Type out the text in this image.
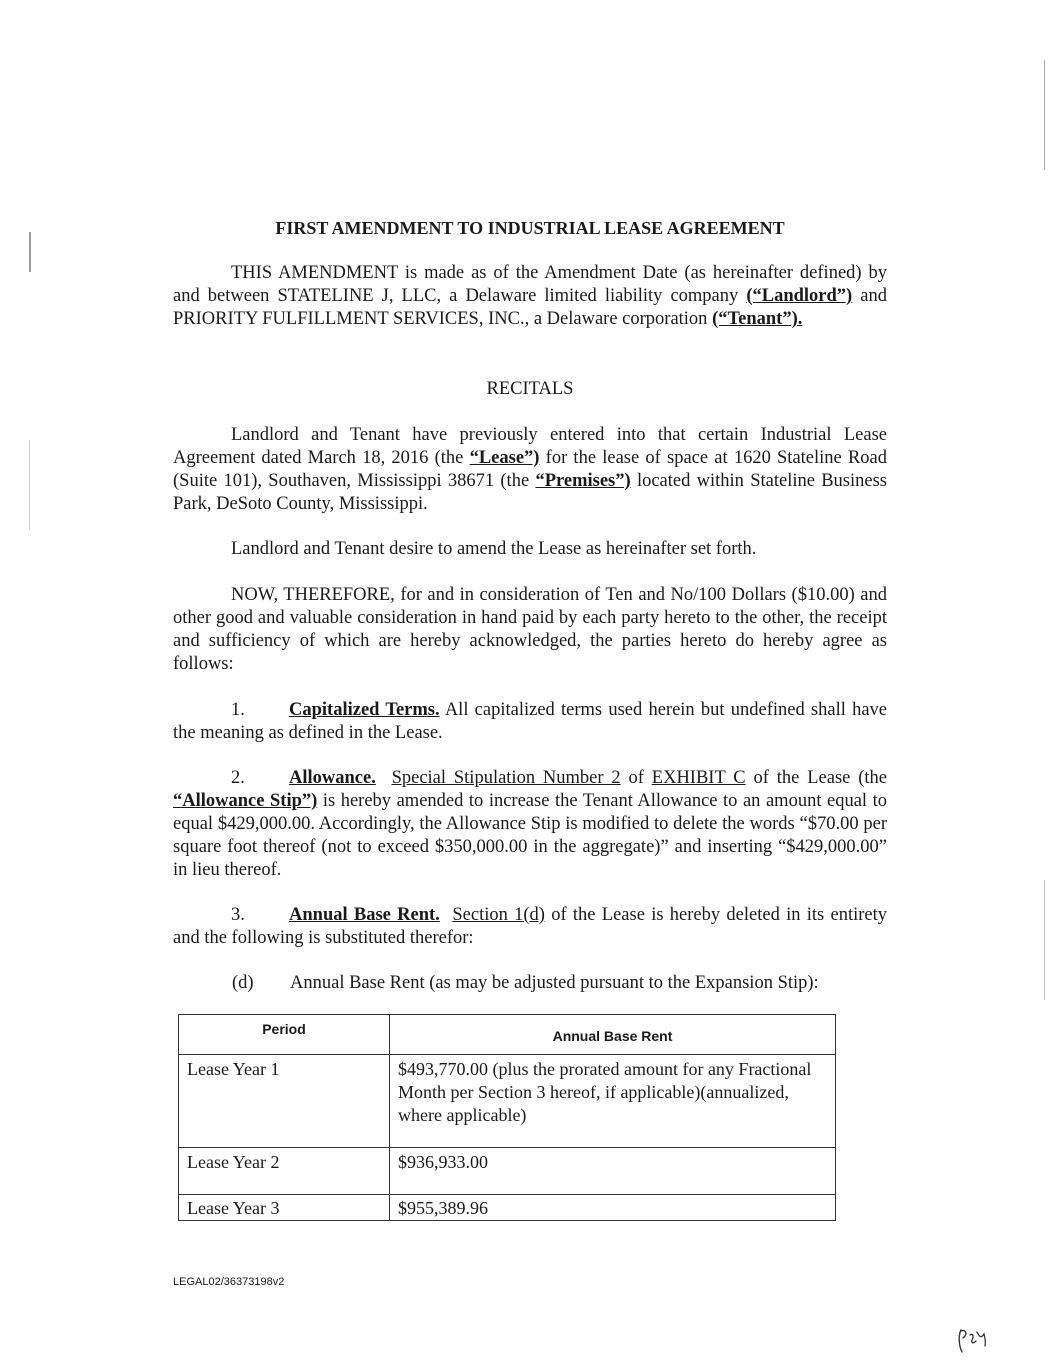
FIRST AMENDMENT TO INDUSTRIAL LEASE AGREEMENT

THIS AMENDMENT is made as of the Amendment Date (as hereinafter defined) by and between STATELINE J, LLC, a Delaware limited liability company (“Landlord”) and PRIORITY FULFILLMENT SERVICES, INC., a Delaware corporation (“Tenant”).

RECITALS

Landlord and Tenant have previously entered into that certain Industrial Lease Agreement dated March 18, 2016 (the “Lease”) for the lease of space at 1620 Stateline Road (Suite 101), Southaven, Mississippi 38671 (the “Premises”) located within Stateline Business Park, DeSoto County, Mississippi.

Landlord and Tenant desire to amend the Lease as hereinafter set forth.

NOW, THEREFORE, for and in consideration of Ten and No/100 Dollars ($10.00) and other good and valuable consideration in hand paid by each party hereto to the other, the receipt and sufficiency of which are hereby acknowledged, the parties hereto do hereby agree as follows:

1. Capitalized Terms. All capitalized terms used herein but undefined shall have the meaning as defined in the Lease.

2. Allowance. Special Stipulation Number 2 of EXHIBIT C of the Lease (the “Allowance Stip”) is hereby amended to increase the Tenant Allowance to an amount equal to equal $429,000.00. Accordingly, the Allowance Stip is modified to delete the words “$70.00 per square foot thereof (not to exceed $350,000.00 in the aggregate)” and inserting “$429,000.00” in lieu thereof.

3. Annual Base Rent. Section 1(d) of the Lease is hereby deleted in its entirety and the following is substituted therefor:

(d) Annual Base Rent (as may be adjusted pursuant to the Expansion Stip):

Period	Annual Base Rent
Lease Year 1	$493,770.00 (plus the prorated amount for any Fractional Month per Section 3 hereof, if applicable)(annualized, where applicable)
Lease Year 2	$936,933.00
Lease Year 3	$955,389.96
LEGAL02/36373198v2
